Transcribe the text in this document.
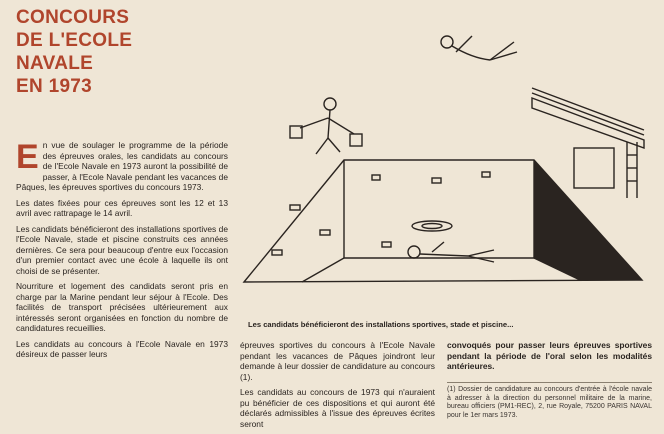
CONCOURS
DE L'ECOLE
NAVALE
EN 1973

En vue de soulager le programme de la période des épreuves orales, les candidats au concours de l'Ecole Navale en 1973 auront la possibilité de passer, à l'Ecole Navale pendant les vacances de Pâques, les épreuves sportives du concours 1973.

Les dates fixées pour ces épreuves sont les 12 et 13 avril avec rattrapage le 14 avril.

Les candidats bénéficieront des installations sportives de l'Ecole Navale, stade et piscine construits ces années dernières. Ce sera pour beaucoup d'entre eux l'occasion d'un premier contact avec une école à laquelle ils ont choisi de se présenter.

Nourriture et logement des candidats seront pris en charge par la Marine pendant leur séjour à l'Ecole. Des facilités de transport précisées ultérieurement aux intéressés seront organisées en fonction du nombre de candidatures recueillies.

Les candidats au concours à l'Ecole Navale en 1973 désireux de passer leurs

Les candidats bénéficieront des installations sportives, stade et piscine...

épreuves sportives du concours à l'Ecole Navale pendant les vacances de Pâques joindront leur demande à leur dossier de candidature au concours (1).

Les candidats au concours de 1973 qui n'auraient pu bénéficier de ces dispositions et qui auront été déclarés admissibles à l'issue des épreuves écrites seront

convoqués pour passer leurs épreuves sportives pendant la période de l'oral selon les modalités antérieures.

(1) Dossier de candidature au concours d'entrée à l'école navale à adresser à la direction du personnel militaire de la marine, bureau officiers (PM1-REC), 2, rue Royale, 75200 PARIS NAVAL pour le 1er mars 1973.
